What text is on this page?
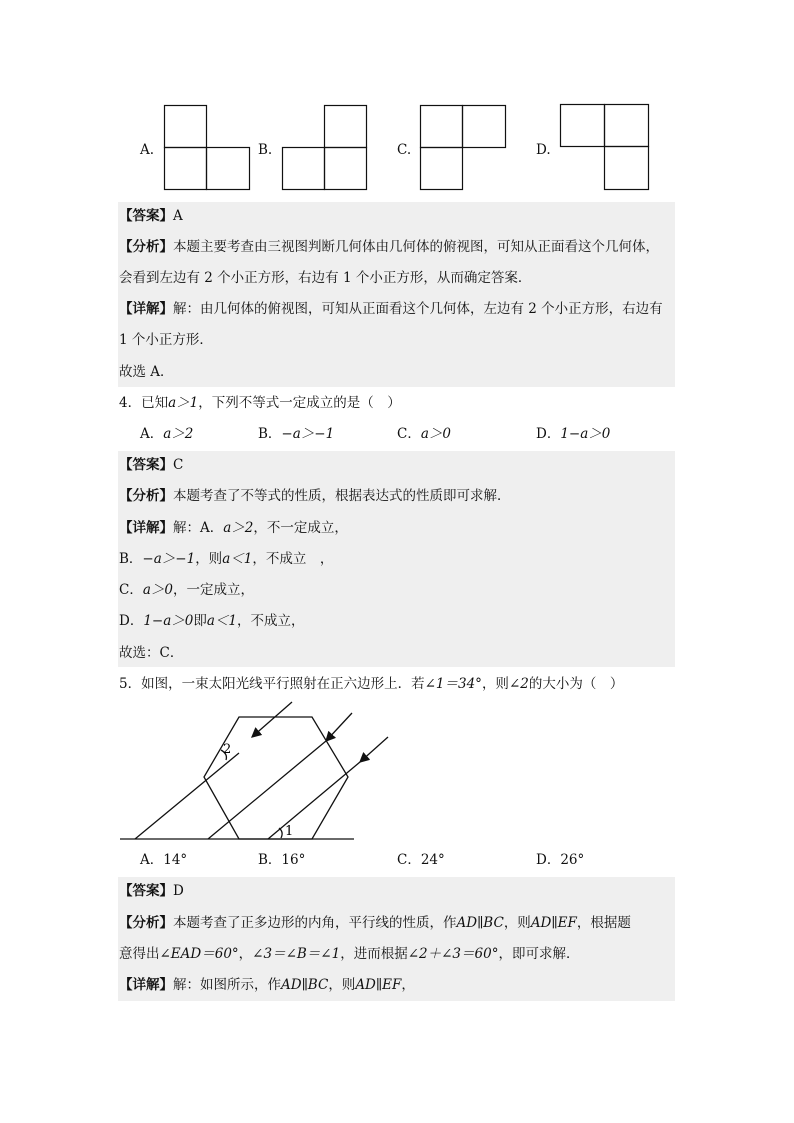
A.	B.	C.	D.
【答案】A
【分析】本题主要考查由三视图判断几何体由几何体的俯视图，可知从正面看这个几何体，
会看到左边有 2 个小正方形，右边有 1 个小正方形，从而确定答案．
【详解】解：由几何体的俯视图，可知从正面看这个几何体，左边有 2 个小正方形，右边有
1 个小正方形．
故选 A．
4．已知a＞1，下列不等式一定成立的是（　）
A．a＞2	B．−a＞−1	C．a＞0	D．1−a＞0
【答案】C
【分析】本题考查了不等式的性质，根据表达式的性质即可求解．
【详解】解：A．a＞2，不一定成立，
B．−a＞−1，则a＜1，不成立　，
C．a＞0，一定成立，
D．1−a＞0即a＜1，不成立，
故选：C．
5．如图，一束太阳光线平行照射在正六边形上．若∠1＝34°，则∠2的大小为（　）
2
1
A．14°	B．16°	C．24°	D．26°
【答案】D
【分析】本题考查了正多边形的内角，平行线的性质，作AD∥BC，则AD∥EF，根据题
意得出∠EAD＝60°，∠3＝∠B＝∠1，进而根据∠2＋∠3＝60°，即可求解．
【详解】解：如图所示，作AD∥BC，则AD∥EF，
